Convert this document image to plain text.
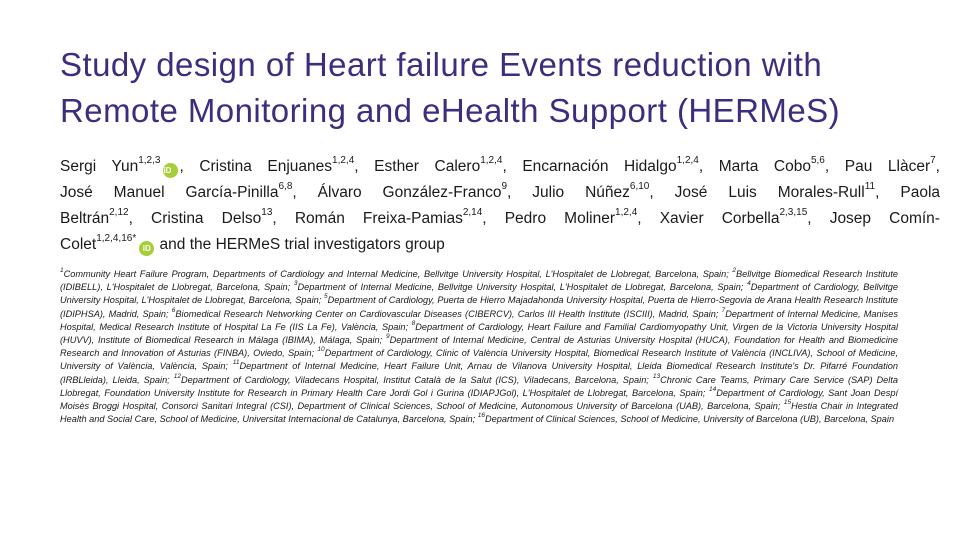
Study design of Heart failure Events reduction with
Remote Monitoring and eHealth Support (HERMeS)
Sergi Yun$^{1,2,3}$iD , Cristina Enjuanes$^{1,2,4}$, Esther Calero$^{1,2,4}$, Encarnación Hidalgo$^{1,2,4}$, Marta Cobo$^{5,6}$, Pau Llàcer$^7$,
José Manuel García-Pinilla$^{6,8}$, Álvaro González-Franco$^9$, Julio Núñez$^{6,10}$, José Luis Morales-Rull$^{11}$, Paola
Beltrán$^{2,12}$, Cristina Delso$^{13}$, Román Freixa-Pamias$^{2,14}$, Pedro Moliner$^{1,2,4}$, Xavier Corbella$^{2,3,15}$, Josep Comín-
Colet$^{1,2,4,16*}$iD and the HERMeS trial investigators group
$^1$Community Heart Failure Program, Departments of Cardiology and Internal Medicine, Bellvitge University Hospital, L'Hospitalet de Llobregat, Barcelona, Spain; $^2$Bellvitge Biomedical Research Institute (IDIBELL), L'Hospitalet de Llobregat, Barcelona, Spain; $^3$Department of Internal Medicine, Bellvitge University Hospital, L'Hospitalet de Llobregat, Barcelona, Spain; $^4$Department of Cardiology, Bellvitge University Hospital, L'Hospitalet de Llobregat, Barcelona, Spain; $^5$Department of Cardiology, Puerta de Hierro Majadahonda University Hospital, Puerta de Hierro-Segovia de Arana Health Research Institute (IDIPHSA), Madrid, Spain; $^6$Biomedical Research Networking Center on Cardiovascular Diseases (CIBERCV), Carlos III Health Institute (ISCIII), Madrid, Spain; $^7$Department of Internal Medicine, Manises Hospital, Medical Research Institute of Hospital La Fe (IIS La Fe), València, Spain; $^8$Department of Cardiology, Heart Failure and Familial Cardiomyopathy Unit, Virgen de la Victoria University Hospital (HUVV), Institute of Biomedical Research in Málaga (IBIMA), Málaga, Spain; $^9$Department of Internal Medicine, Central de Asturias University Hospital (HUCA), Foundation for Health and Biomedicine Research and Innovation of Asturias (FINBA), Oviedo, Spain; $^{10}$Department of Cardiology, Clinic of València University Hospital, Biomedical Research Institute of València (INCLIVA), School of Medicine, University of València, València, Spain; $^{11}$Department of Internal Medicine, Heart Failure Unit, Arnau de Vilanova University Hospital, Lleida Biomedical Research Institute's Dr. Pifarré Foundation (IRBLleida), Lleida, Spain; $^{12}$Department of Cardiology, Viladecans Hospital, Institut Català de la Salut (ICS), Viladecans, Barcelona, Spain; $^{13}$Chronic Care Teams, Primary Care Service (SAP) Delta Llobregat, Foundation University Institute for Research in Primary Health Care Jordi Gol i Gurina (IDIAPJGol), L'Hospitalet de Llobregat, Barcelona, Spain; $^{14}$Department of Cardiology, Sant Joan Despí Moisès Broggi Hospital, Consorci Sanitari Integral (CSI), Department of Clinical Sciences, School of Medicine, Autonomous University of Barcelona (UAB), Barcelona, Spain; $^{15}$Hestia Chair in Integrated Health and Social Care, School of Medicine, Universitat Internacional de Catalunya, Barcelona, Spain; $^{16}$Department of Clinical Sciences, School of Medicine, University of Barcelona (UB), Barcelona, Spain
